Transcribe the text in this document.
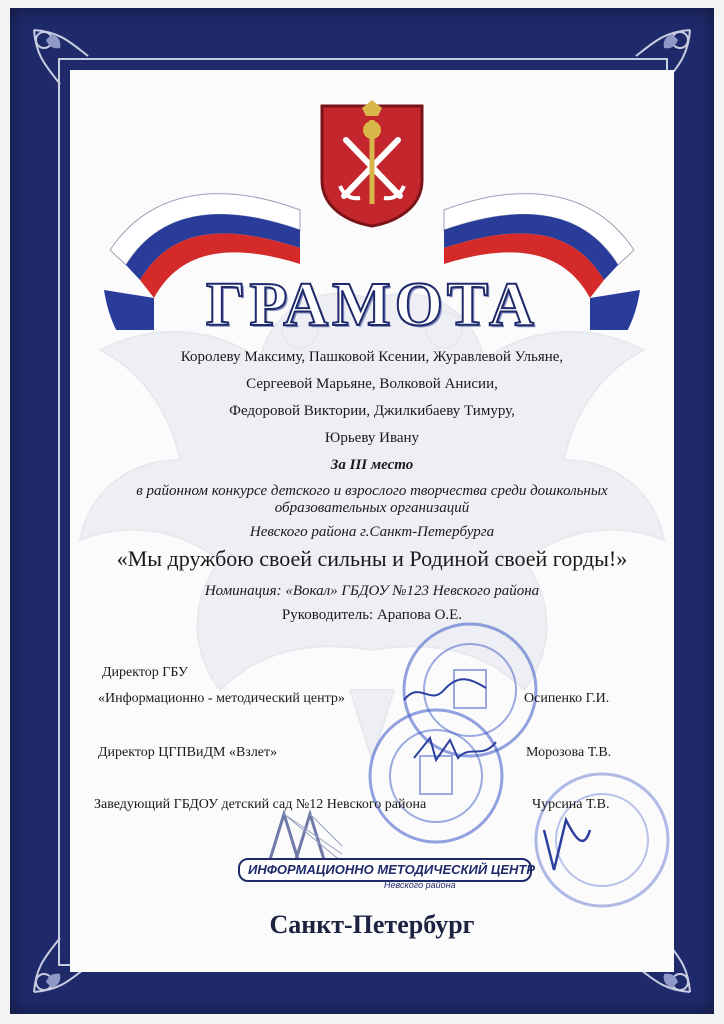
ГРАМОТА
Королеву Максиму, Пашковой Ксении, Журавлевой Ульяне,
Сергеевой Марьяне, Волковой Анисии,
Федоровой Виктории, Джилкибаеву Тимуру,
Юрьеву Ивану
За III место
в районном конкурсе детского и взрослого творчества среди дошкольных
образовательных организаций
Невского района г.Санкт-Петербурга
«Мы дружбою своей сильны и Родиной своей горды!»
Номинация: «Вокал» ГБДОУ №123 Невского района
Руководитель: Арапова О.Е.
Директор ГБУ
«Информационно - методический центр»	Осипенко Г.И.
Директор ЦГПВиДМ «Взлет»	Морозова Т.В.
Заведующий ГБДОУ детский сад №12 Невского района	Чурсина Т.В.
ИНФОРМАЦИОННО МЕТОДИЧЕСКИЙ ЦЕНТР
Невского района
Санкт-Петербург
